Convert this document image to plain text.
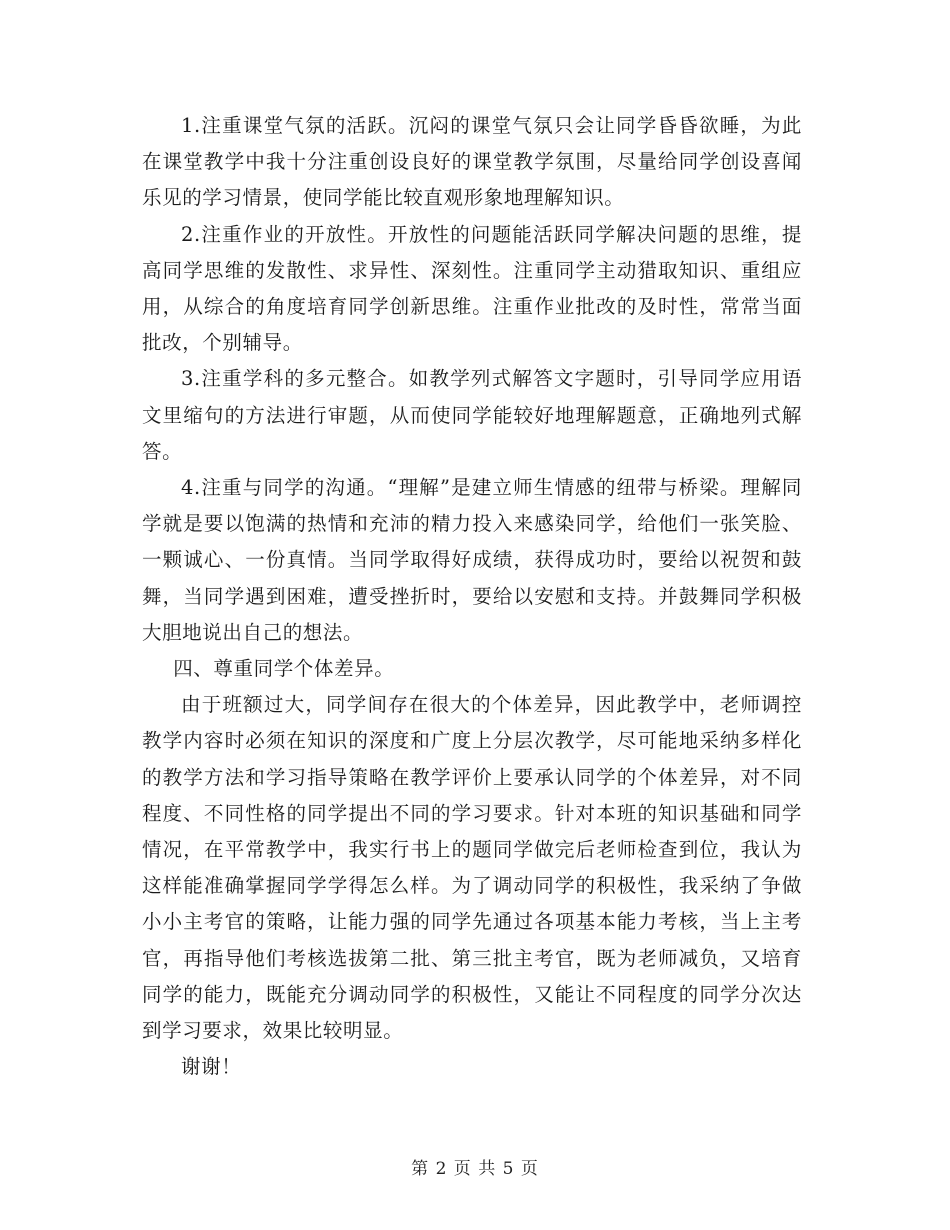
1.注重课堂气氛的活跃。沉闷的课堂气氛只会让同学昏昏欲睡，为此在课堂教学中我十分注重创设良好的课堂教学氛围，尽量给同学创设喜闻乐见的学习情景，使同学能比较直观形象地理解知识。

2.注重作业的开放性。开放性的问题能活跃同学解决问题的思维，提高同学思维的发散性、求异性、深刻性。注重同学主动猎取知识、重组应用，从综合的角度培育同学创新思维。注重作业批改的及时性，常常当面批改，个别辅导。

3.注重学科的多元整合。如教学列式解答文字题时，引导同学应用语文里缩句的方法进行审题，从而使同学能较好地理解题意，正确地列式解答。

4.注重与同学的沟通。“理解”是建立师生情感的纽带与桥梁。理解同学就是要以饱满的热情和充沛的精力投入来感染同学，给他们一张笑脸、一颗诚心、一份真情。当同学取得好成绩，获得成功时，要给以祝贺和鼓舞，当同学遇到困难，遭受挫折时，要给以安慰和支持。并鼓舞同学积极大胆地说出自己的想法。

四、尊重同学个体差异。

由于班额过大，同学间存在很大的个体差异，因此教学中，老师调控教学内容时必须在知识的深度和广度上分层次教学，尽可能地采纳多样化的教学方法和学习指导策略在教学评价上要承认同学的个体差异，对不同程度、不同性格的同学提出不同的学习要求。针对本班的知识基础和同学情况，在平常教学中，我实行书上的题同学做完后老师检查到位，我认为这样能准确掌握同学学得怎么样。为了调动同学的积极性，我采纳了争做小小主考官的策略，让能力强的同学先通过各项基本能力考核，当上主考官，再指导他们考核选拔第二批、第三批主考官，既为老师减负，又培育同学的能力，既能充分调动同学的积极性，又能让不同程度的同学分次达到学习要求，效果比较明显。

谢谢！

第 2 页 共 5 页
